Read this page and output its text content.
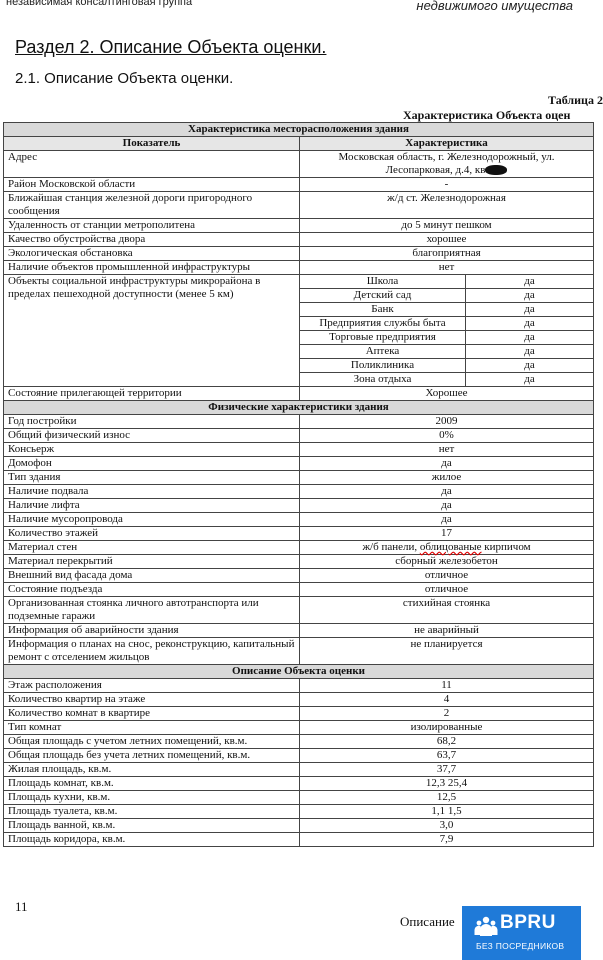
независимая консалтинговая группа	недвижимого имущества
Раздел 2. Описание Объекта оценки.
2.1. Описание Объекта оценки.
Таблица 2
Характеристика Объекта оцен
Характеристика месторасположения здания		
Показатель	Характеристика	
Адрес	Московская область, г. Железнодорожный, ул.
Лесопарковая, д.4, кв	
Район Московской области	-	
Ближайшая станция железной дороги пригородного сообщения	ж/д ст. Железнодорожная	
Удаленность от станции метрополитена	до 5 минут пешком	
Качество обустройства двора	хорошее	
Экологическая обстановка	благоприятная	
Наличие объектов промышленной инфраструктуры	нет	
Объекты социальной инфраструктуры микрорайона в пределах пешеходной доступности (менее 5 км)	Школа	да
	Детский сад	да
	Банк	да
	Предприятия службы быта	да
	Торговые предприятия	да
	Аптека	да
	Поликлиника	да
	Зона отдыха	да
Состояние прилегающей территории	Хорошее	
Физические характеристики здания		
Год постройки	2009	
Общий физический износ	0%	
Консьерж	нет	
Домофон	да	
Тип здания	жилое	
Наличие подвала	да	
Наличие лифта	да	
Наличие мусоропровода	да	
Количество этажей	17	
Материал стен	ж/б панели, облицованые кирпичом	
Материал перекрытий	сборный железобетон	
Внешний вид фасада дома	отличное	
Состояние подъезда	отличное	
Организованная стоянка личного автотранспорта или подземные гаражи	стихийная стоянка	
Информация об аварийности здания	не аварийный	
Информация о планах на снос, реконструкцию, капитальный ремонт с отселением жильцов	не планируется	
Описание Объекта оценки		
Этаж расположения	11	
Количество квартир на этаже	4	
Количество комнат в квартире	2	
Тип комнат	изолированные	
Общая площадь с учетом летних помещений, кв.м.	68,2	
Общая площадь без учета летних помещений, кв.м.	63,7	
Жилая площадь, кв.м.	37,7	
Площадь комнат, кв.м.	12,3 25,4	
Площадь кухни, кв.м.	12,5	
Площадь туалета, кв.м.	1,1 1,5	
Площадь ванной, кв.м.	3,0	
Площадь коридора, кв.м.	7,9	
11
Описание BPRU
БЕЗ ПОСРЕДНИКОВ
